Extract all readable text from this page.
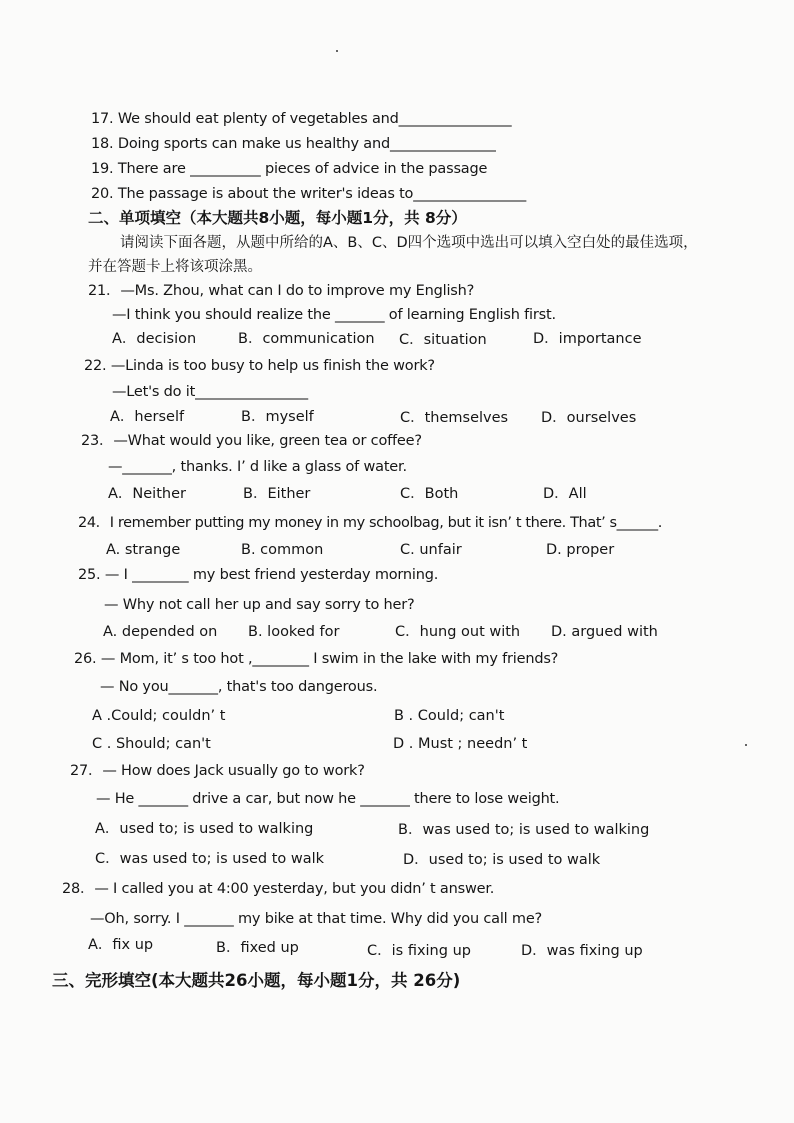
17. We should eat plenty of vegetables and________________
18. Doing sports can make us healthy and_______________
19. There are __________ pieces of advice in the passage
20. The passage is about the writer's ideas to________________
二、单项填空（本大题共8小题，每小题1分，共 8分）
请阅读下面各题，从题中所给的A、B、C、D四个选项中选出可以填入空白处的最佳选项，
并在答题卡上将该项涂黑。
21．—Ms. Zhou, what can I do to improve my English?
—I think you should realize the _______ of learning English first.
A．decision	B．communication C．situation	D．importance
22. —Linda is too busy to help us finish the work?
—Let's do it________________
A．herself	B．myself	C．themselves D．ourselves
23．—What would you like, green tea or coffee?
—_______, thanks. I’ d like a glass of water.
A．Neither	B．Either	C．Both	D．All
24．I remember putting my money in my schoolbag, but it isn’ t there. That’ s______.
A. strange	B. common	C. unfair	D. proper
25. — I ________ my best friend yesterday morning.
— Why not call her up and say sorry to her?
A. depended on B. looked for	C．hung out with D. argued with
26. — Mom, it’ s too hot ,________ I swim in the lake with my friends?
— No you_______, that's too dangerous.
A .Could; couldn’ t	B . Could; can't
C . Should; can't	D . Must ; needn’ t
27．— How does Jack usually go to work?
— He _______ drive a car, but now he _______ there to lose weight.
A．used to; is used to walking	B．was used to; is used to walking
C．was used to; is used to walk	D．used to; is used to walk
28．— I called you at 4:00 yesterday, but you didn’ t answer.
—Oh, sorry. I _______ my bike at that time. Why did you call me?
A．fix up	B．fixed up	C．is fixing up	D．was fixing up
三、完形填空(本大题共26小题，每小题1分，共 26分)
